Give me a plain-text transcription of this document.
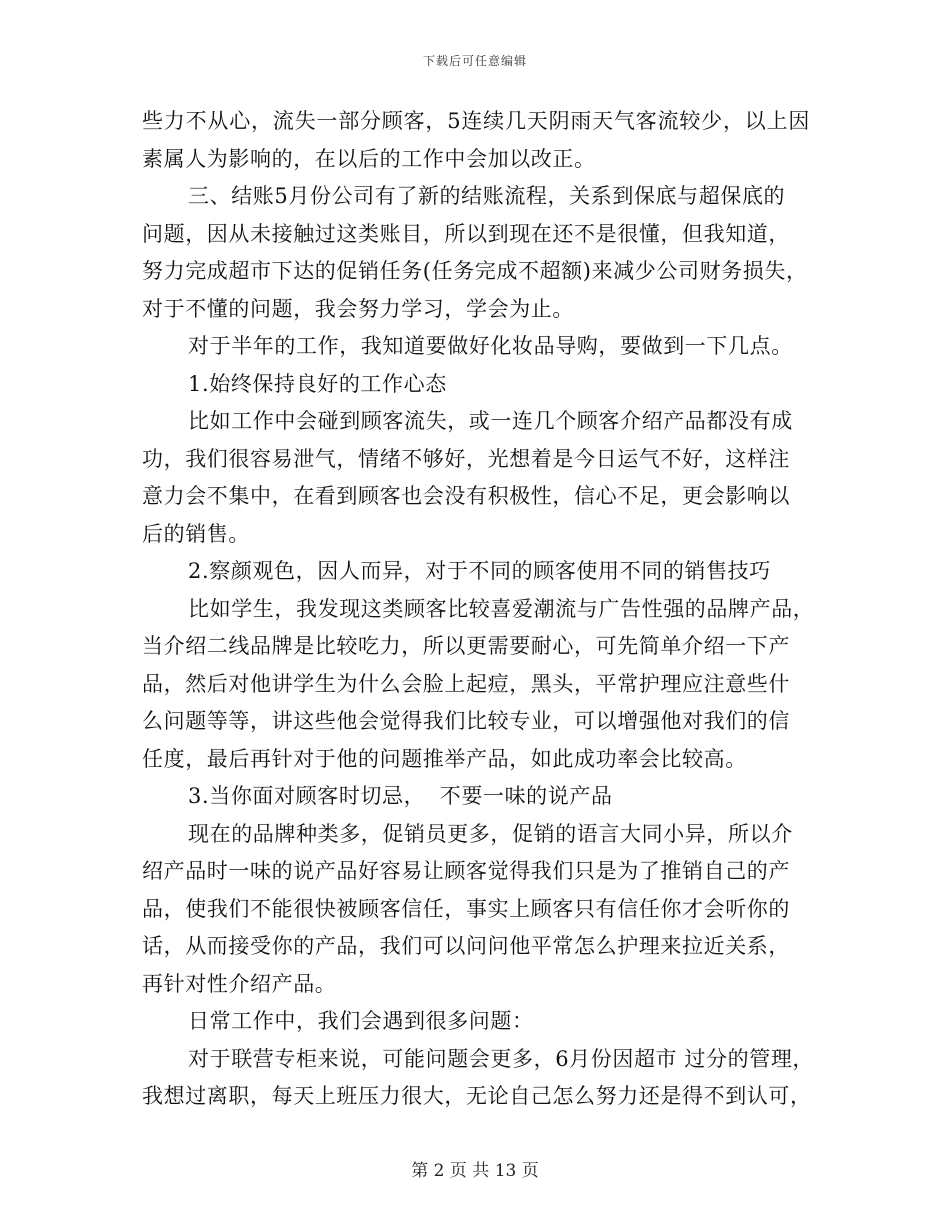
下载后可任意编辑
些力不从心，流失一部分顾客，5连续几天阴雨天气客流较少，以上因
素属人为影响的，在以后的工作中会加以改正。
三、结账5月份公司有了新的结账流程，关系到保底与超保底的
问题，因从未接触过这类账目，所以到现在还不是很懂，但我知道，
努力完成超市下达的促销任务(任务完成不超额)来减少公司财务损失，
对于不懂的问题，我会努力学习，学会为止。
对于半年的工作，我知道要做好化妆品导购，要做到一下几点。
1.始终保持良好的工作心态
比如工作中会碰到顾客流失，或一连几个顾客介绍产品都没有成
功，我们很容易泄气，情绪不够好，光想着是今日运气不好，这样注
意力会不集中，在看到顾客也会没有积极性，信心不足，更会影响以
后的销售。
2.察颜观色，因人而异，对于不同的顾客使用不同的销售技巧
比如学生，我发现这类顾客比较喜爱潮流与广告性强的品牌产品，
当介绍二线品牌是比较吃力，所以更需要耐心，可先简单介绍一下产
品，然后对他讲学生为什么会脸上起痘，黑头，平常护理应注意些什
么问题等等，讲这些他会觉得我们比较专业，可以增强他对我们的信
任度，最后再针对于他的问题推举产品，如此成功率会比较高。
3.当你面对顾客时切忌，  不要一味的说产品
现在的品牌种类多，促销员更多，促销的语言大同小异，所以介
绍产品时一味的说产品好容易让顾客觉得我们只是为了推销自己的产
品，使我们不能很快被顾客信任，事实上顾客只有信任你才会听你的
话，从而接受你的产品，我们可以问问他平常怎么护理来拉近关系，
再针对性介绍产品。
日常工作中，我们会遇到很多问题：
对于联营专柜来说，可能问题会更多，6月份因超市 过分的管理，
我想过离职，每天上班压力很大，无论自己怎么努力还是得不到认可，
第 2 页 共 13 页
